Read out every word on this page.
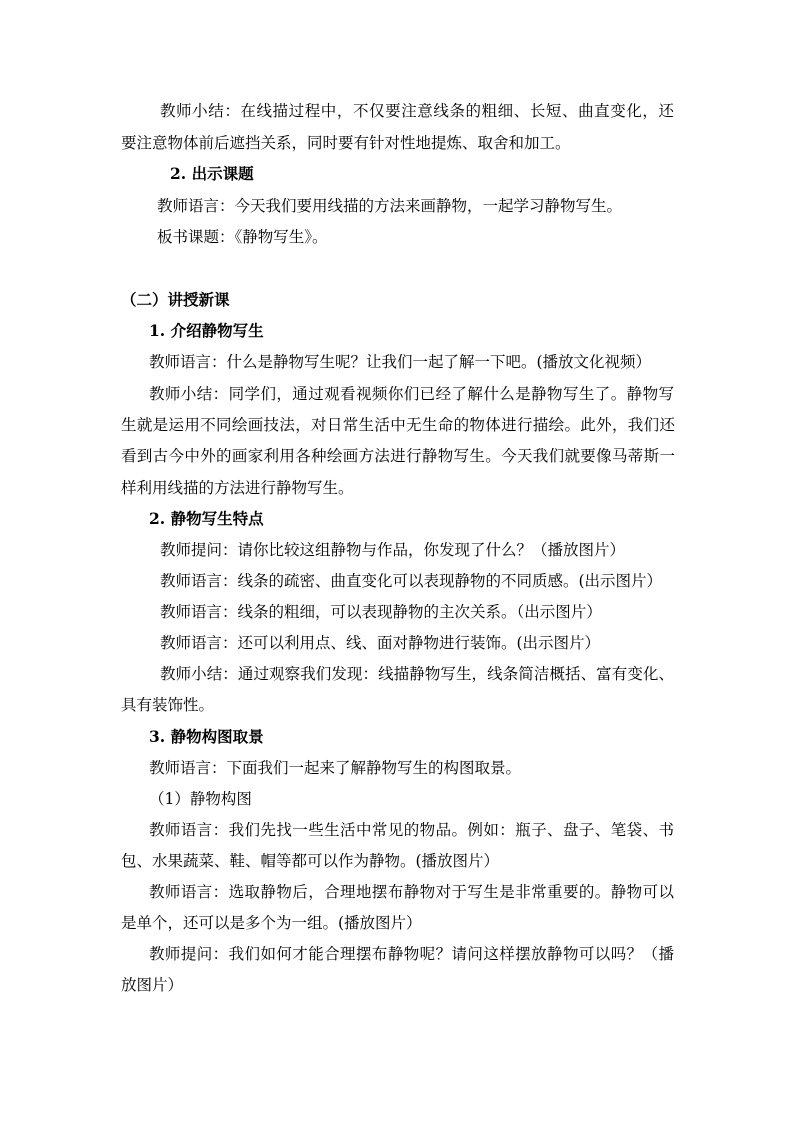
教师小结：在线描过程中，不仅要注意线条的粗细、长短、曲直变化，还
要注意物体前后遮挡关系，同时要有针对性地提炼、取舍和加工。
2. 出示课题
教师语言：今天我们要用线描的方法来画静物，一起学习静物写生。
板书课题：《静物写生》。
（二）讲授新课
1. 介绍静物写生
教师语言：什么是静物写生呢？让我们一起了解一下吧。(播放文化视频）
教师小结：同学们，通过观看视频你们已经了解什么是静物写生了。静物写
生就是运用不同绘画技法，对日常生活中无生命的物体进行描绘。此外，我们还
看到古今中外的画家利用各种绘画方法进行静物写生。今天我们就要像马蒂斯一
样利用线描的方法进行静物写生。
2. 静物写生特点
教师提问：请你比较这组静物与作品，你发现了什么？（播放图片）
教师语言：线条的疏密、曲直变化可以表现静物的不同质感。(出示图片）
教师语言：线条的粗细，可以表现静物的主次关系。（出示图片）
教师语言：还可以利用点、线、面对静物进行装饰。(出示图片）
教师小结：通过观察我们发现：线描静物写生，线条简洁概括、富有变化、
具有装饰性。
3. 静物构图取景
教师语言：下面我们一起来了解静物写生的构图取景。
（1）静物构图
教师语言：我们先找一些生活中常见的物品。例如：瓶子、盘子、笔袋、书
包、水果蔬菜、鞋、帽等都可以作为静物。(播放图片）
教师语言：选取静物后，合理地摆布静物对于写生是非常重要的。静物可以
是单个，还可以是多个为一组。(播放图片）
教师提问：我们如何才能合理摆布静物呢？请问这样摆放静物可以吗？（播
放图片）
